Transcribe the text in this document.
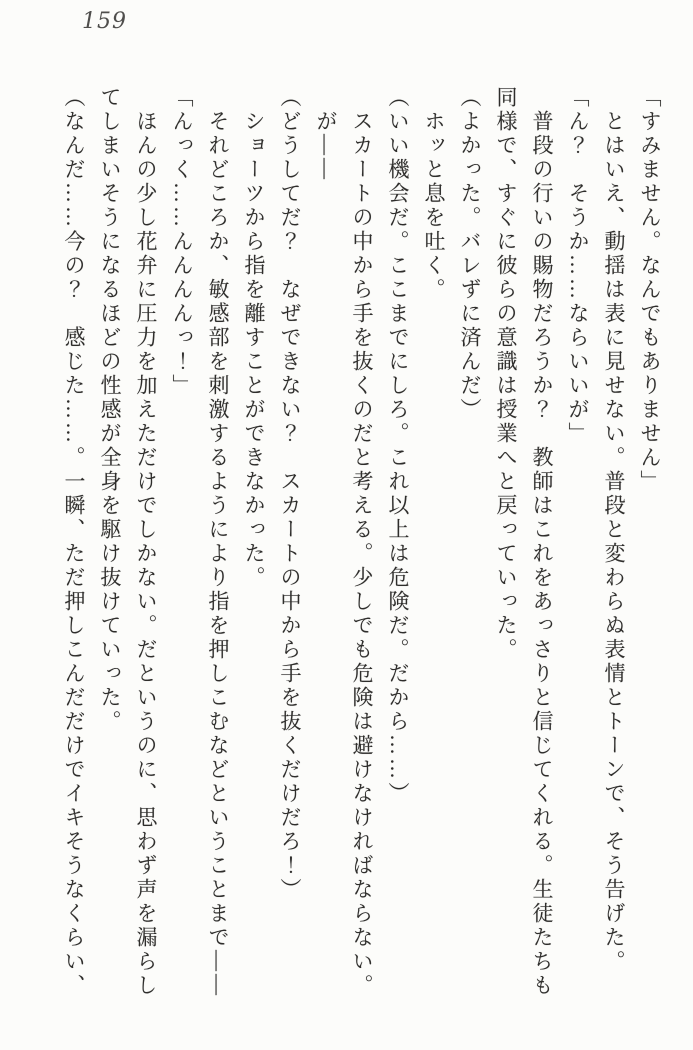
159

「すみません。なんでもありません」

とはいえ、動揺は表に見せない。普段と変わらぬ表情とトーンで、そう告げた。

「ん？　そうか……ならいいが」

普段の行いの賜物だろうか？　教師はこれをあっさりと信じてくれる。生徒たちも同様で、すぐに彼らの意識は授業へと戻っていった。

（よかった。バレずに済んだ）

ホッと息を吐く。

（いい機会だ。ここまでにしろ。これ以上は危険だ。だから……）

スカートの中から手を抜くのだと考える。少しでも危険は避けなければならない。

が――

（どうしてだ？　なぜできない？　スカートの中から手を抜くだけだろ！）

ショーツから指を離すことができなかった。

それどころか、敏感部を刺激するようにより指を押しこむなどということまで――

「んっく……んんんんっ！」

ほんの少し花弁に圧力を加えただけでしかない。だというのに、思わず声を漏らしてしまいそうになるほどの性感が全身を駆け抜けていった。

（なんだ……今の？　感じた……。一瞬、ただ押しこんだだけでイキそうなくらい、
